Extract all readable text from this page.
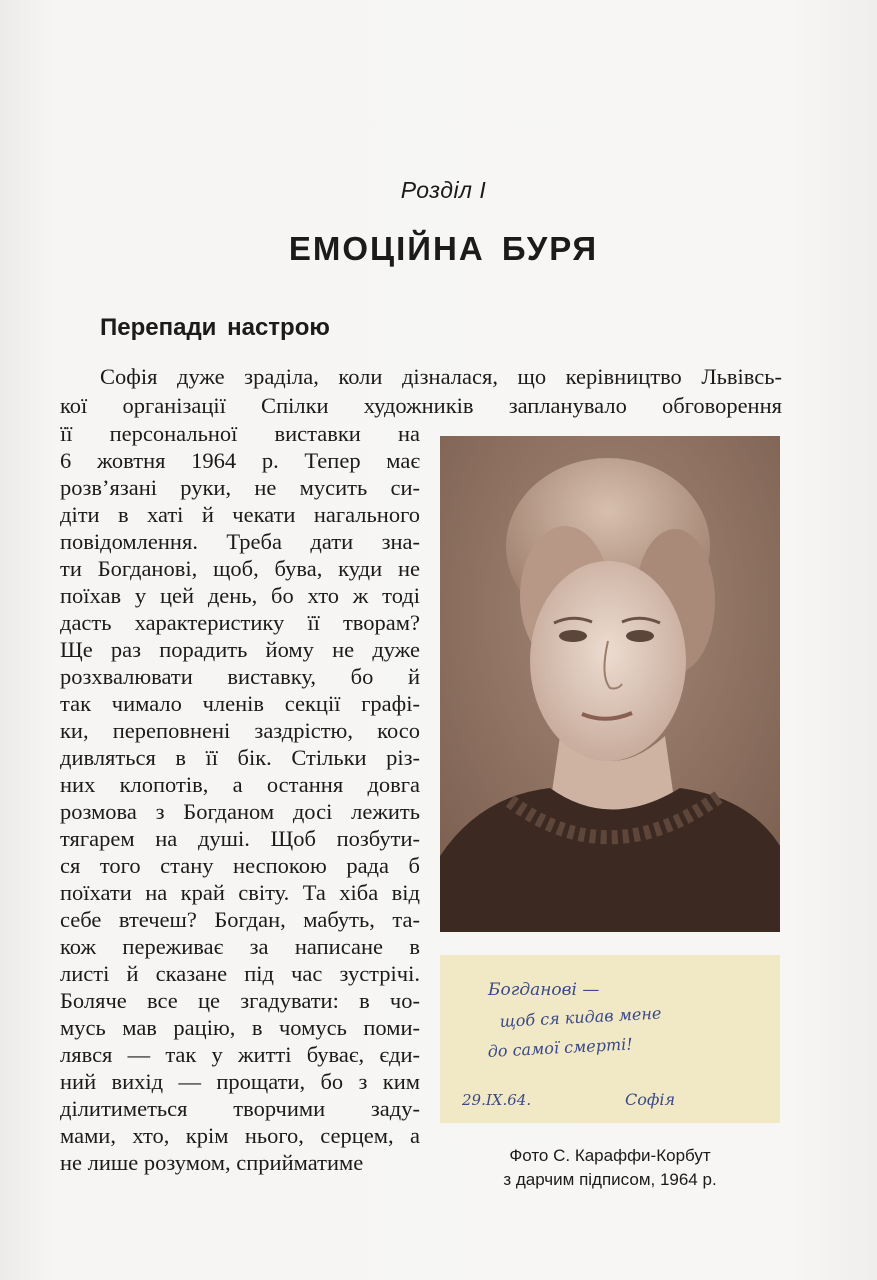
Розділ I
ЕМОЦІЙНА БУРЯ
Перепади настрою
Софія дуже зраділа, коли дізналася, що керівництво Львівсь-
кої організації Спілки художників запланувало обговорення
її персональної виставки на
6 жовтня 1964 р. Тепер має
розв’язані руки, не мусить си-
діти в хаті й чекати нагального
повідомлення. Треба дати зна-
ти Богданові, щоб, бува, куди не
поїхав у цей день, бо хто ж тоді
дасть характеристику її творам?
Ще раз порадить йому не дуже
розхвалювати виставку, бо й
так чимало членів секції графі-
ки, переповнені заздрістю, косо
дивляться в її бік. Стільки різ-
них клопотів, а остання довга
розмова з Богданом досі лежить
тягарем на душі. Щоб позбути-
ся того стану неспокою рада б
поїхати на край світу. Та хіба від
себе втечеш? Богдан, мабуть, та-
кож переживає за написане в
листі й сказане під час зустрічі.
Боляче все це згадувати: в чо-
мусь мав рацію, в чомусь поми-
лявся — так у житті буває, єди-
ний вихід — прощати, бо з ким
ділитиметься творчими заду-
мами, хто, крім нього, серцем, а
не лише розумом, сприйматиме
Богданові —
щоб ся кидав мене
до самої смерті!
29.IX.64.	Софія
Фото С. Караффи-Корбут
з дарчим підписом, 1964 р.
